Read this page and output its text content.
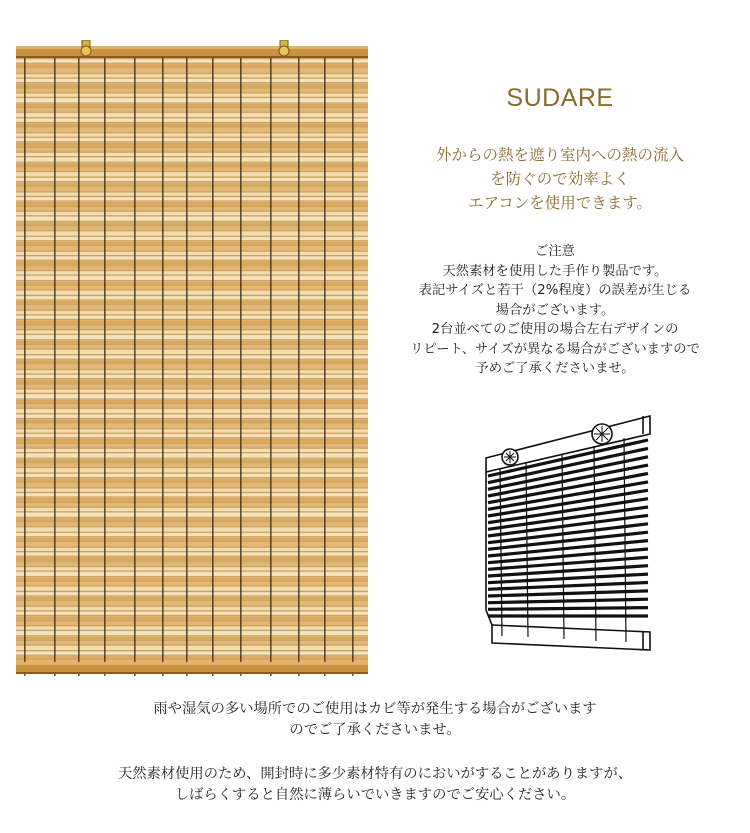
SUDARE
外からの熱を遮り室内への熱の流入
を防ぐので効率よく
エアコンを使用できます。
ご注意
天然素材を使用した手作り製品です。
表記サイズと若干（2%程度）の誤差が生じる
場合がございます。
2台並べてのご使用の場合左右デザインの
リピート、サイズが異なる場合がございますので
予めご了承くださいませ。
雨や湿気の多い場所でのご使用はカビ等が発生する場合がございます
のでご了承くださいませ。
天然素材使用のため、開封時に多少素材特有のにおいがすることがありますが、
しばらくすると自然に薄らいでいきますのでご安心ください。
